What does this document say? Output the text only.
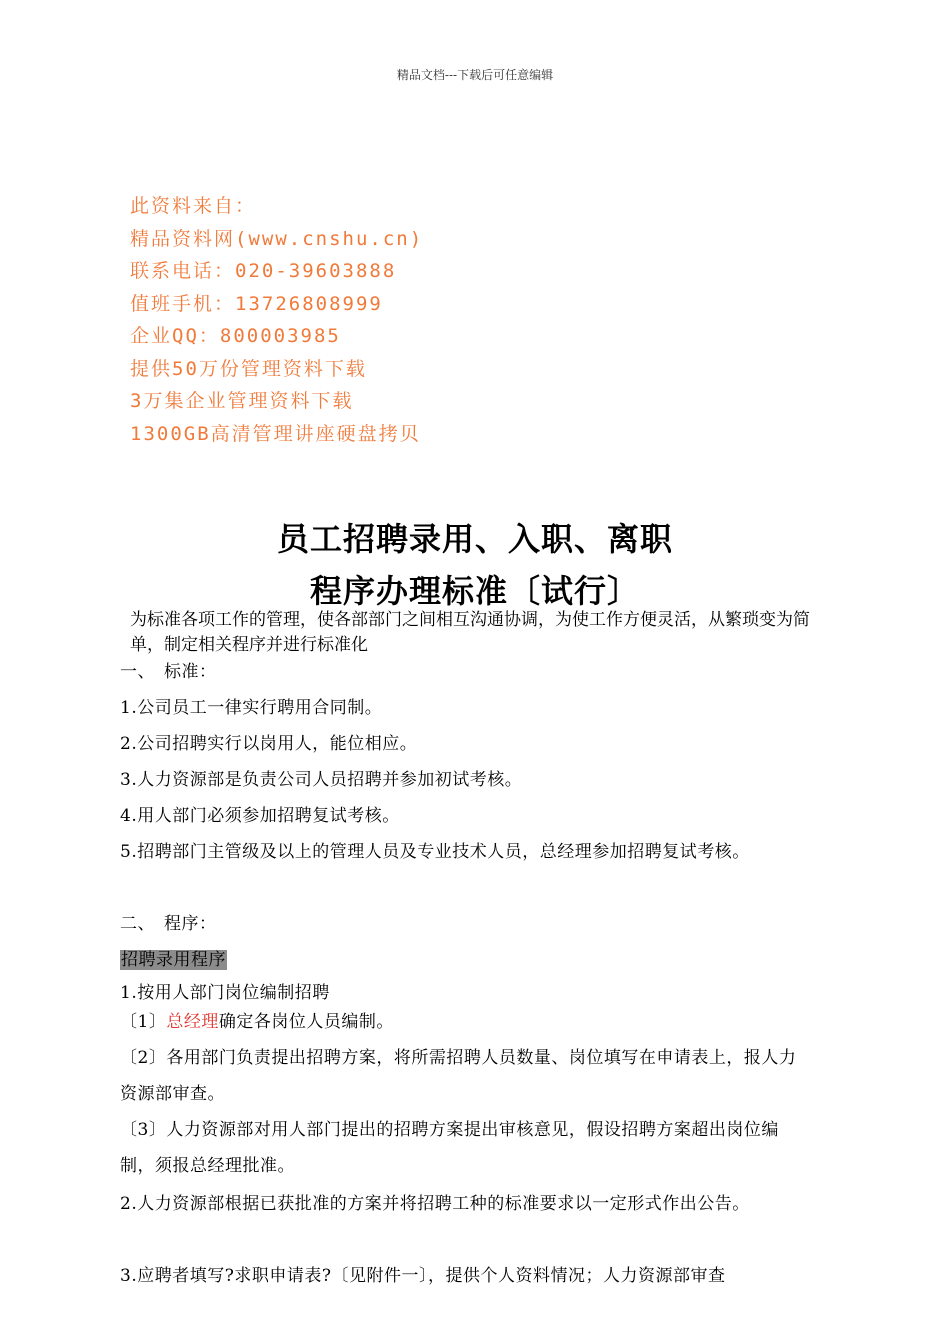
精品文档---下载后可任意编辑
此资料来自：
精品资料网(www.cnshu.cn)
联系电话：020-39603888
值班手机：13726808999
企业QQ：800003985
提供50万份管理资料下载
3万集企业管理资料下载
1300GB高清管理讲座硬盘拷贝
员工招聘录用、入职、离职
程序办理标准〔试行〕
为标准各项工作的管理，使各部部门之间相互沟通协调，为使工作方便灵活，从繁琐变为简单，制定相关程序并进行标准化
一、　标准：
1.公司员工一律实行聘用合同制。
2.公司招聘实行以岗用人，能位相应。
3.人力资源部是负责公司人员招聘并参加初试考核。
4.用人部门必须参加招聘复试考核。
5.招聘部门主管级及以上的管理人员及专业技术人员，总经理参加招聘复试考核。
二、　程序：
招聘录用程序
1.按用人部门岗位编制招聘
〔1〕总经理确定各岗位人员编制。
〔2〕各用部门负责提出招聘方案，将所需招聘人员数量、岗位填写在申请表上，报人力资源部审查。
〔3〕人力资源部对用人部门提出的招聘方案提出审核意见，假设招聘方案超出岗位编制，须报总经理批准。
2.人力资源部根据已获批准的方案并将招聘工种的标准要求以一定形式作出公告。
3.应聘者填写?求职申请表?〔见附件一〕，提供个人资料情况；人力资源部审查
